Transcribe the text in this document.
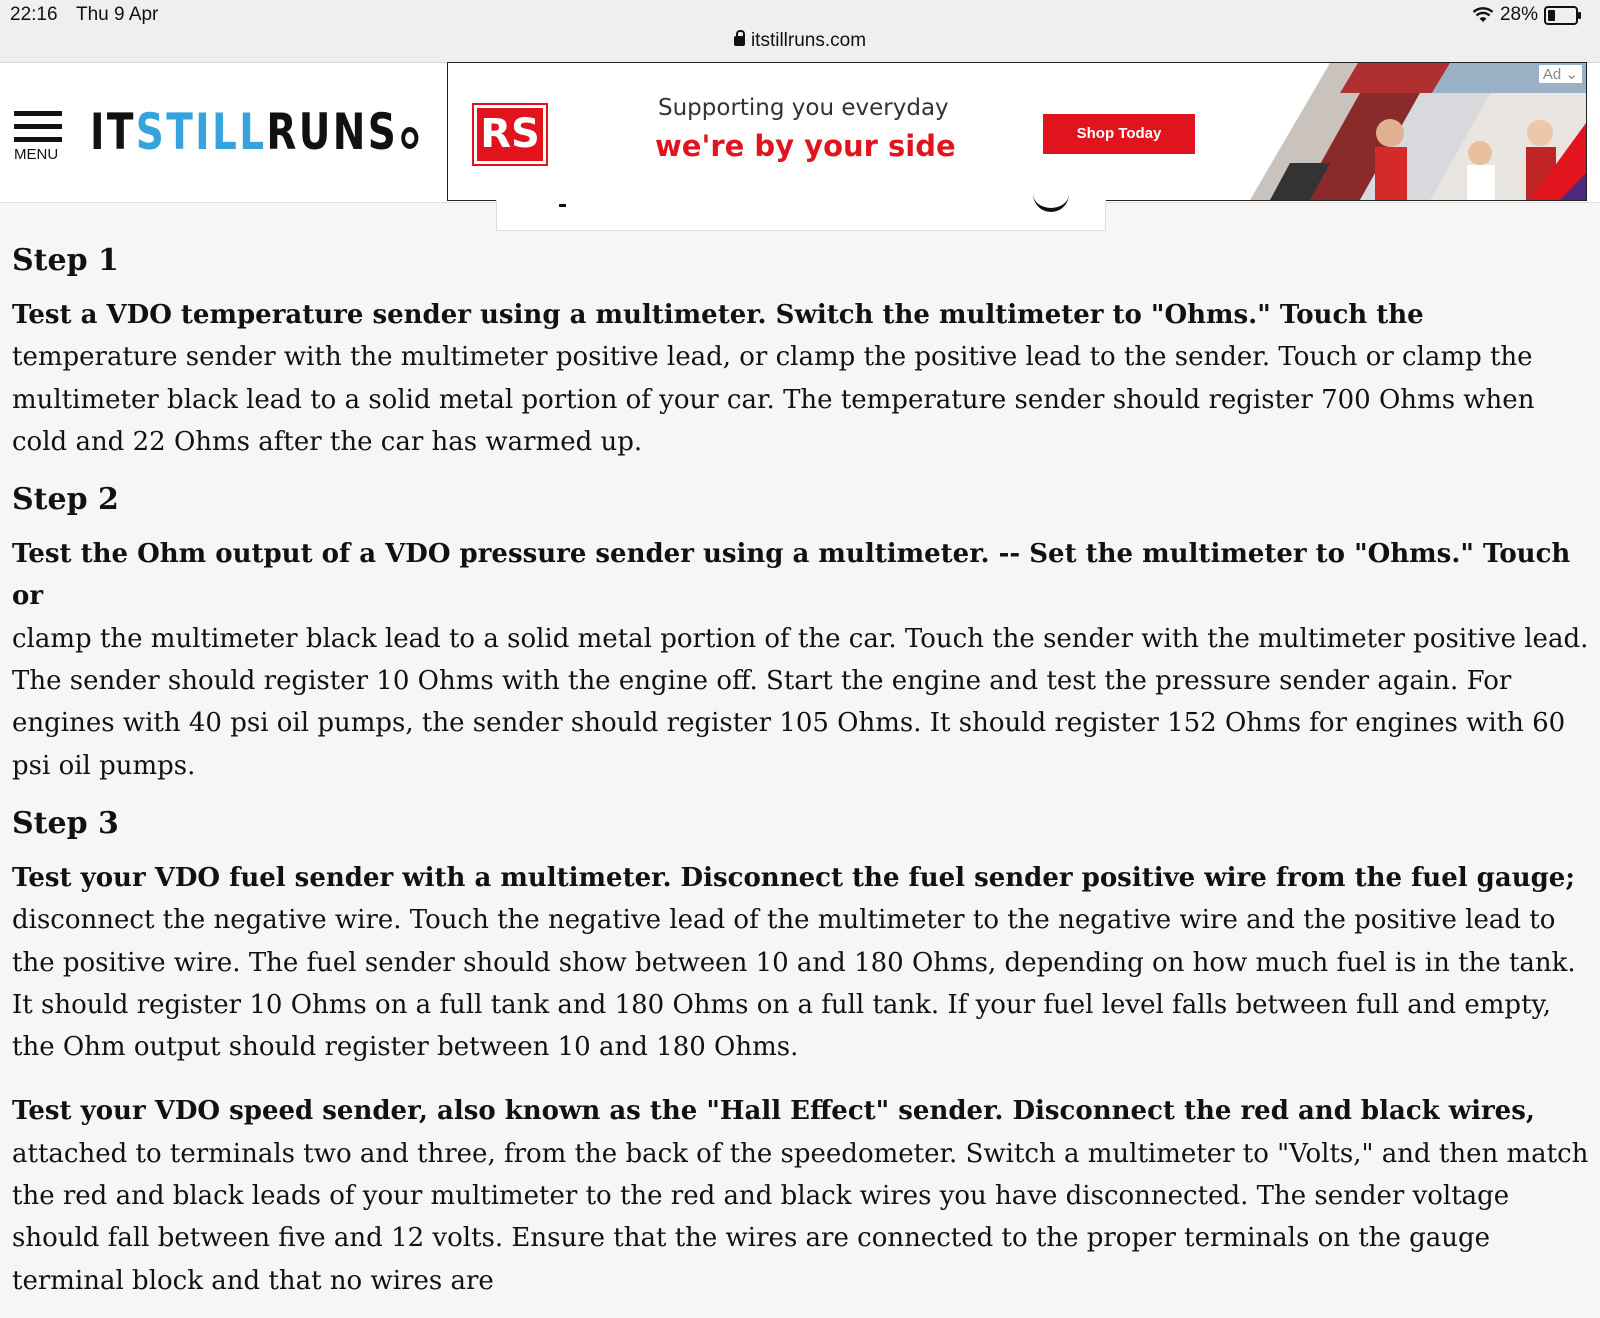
22:16 Thu 9 Apr
itstillruns.com
28%
MENU ITSTILLRUNS	RS
Supporting you everyday
we're by your side	Shop Today
Ad ⌄
Step 1

Test a VDO temperature sender using a multimeter. Switch the multimeter to "Ohms." Touch the
temperature sender with the multimeter positive lead, or clamp the positive lead to the sender. Touch or clamp the multimeter black lead to a solid metal portion of your car. The temperature sender should register 700 Ohms when cold and 22 Ohms after the car has warmed up.

Step 2

Test the Ohm output of a VDO pressure sender using a multimeter. -- Set the multimeter to "Ohms." Touch or
clamp the multimeter black lead to a solid metal portion of the car. Touch the sender with the multimeter positive lead. The sender should register 10 Ohms with the engine off. Start the engine and test the pressure sender again. For engines with 40 psi oil pumps, the sender should register 105 Ohms. It should register 152 Ohms for engines with 60 psi oil pumps.

Step 3

Test your VDO fuel sender with a multimeter. Disconnect the fuel sender positive wire from the fuel gauge;
disconnect the negative wire. Touch the negative lead of the multimeter to the negative wire and the positive lead to the positive wire. The fuel sender should show between 10 and 180 Ohms, depending on how much fuel is in the tank. It should register 10 Ohms on a full tank and 180 Ohms on a full tank. If your fuel level falls between full and empty, the Ohm output should register between 10 and 180 Ohms.

Test your VDO speed sender, also known as the "Hall Effect" sender. Disconnect the red and black wires,
attached to terminals two and three, from the back of the speedometer. Switch a multimeter to "Volts," and then match the red and black leads of your multimeter to the red and black wires you have disconnected. The sender voltage should fall between five and 12 volts. Ensure that the wires are connected to the proper terminals on the gauge terminal block and that no wires are
